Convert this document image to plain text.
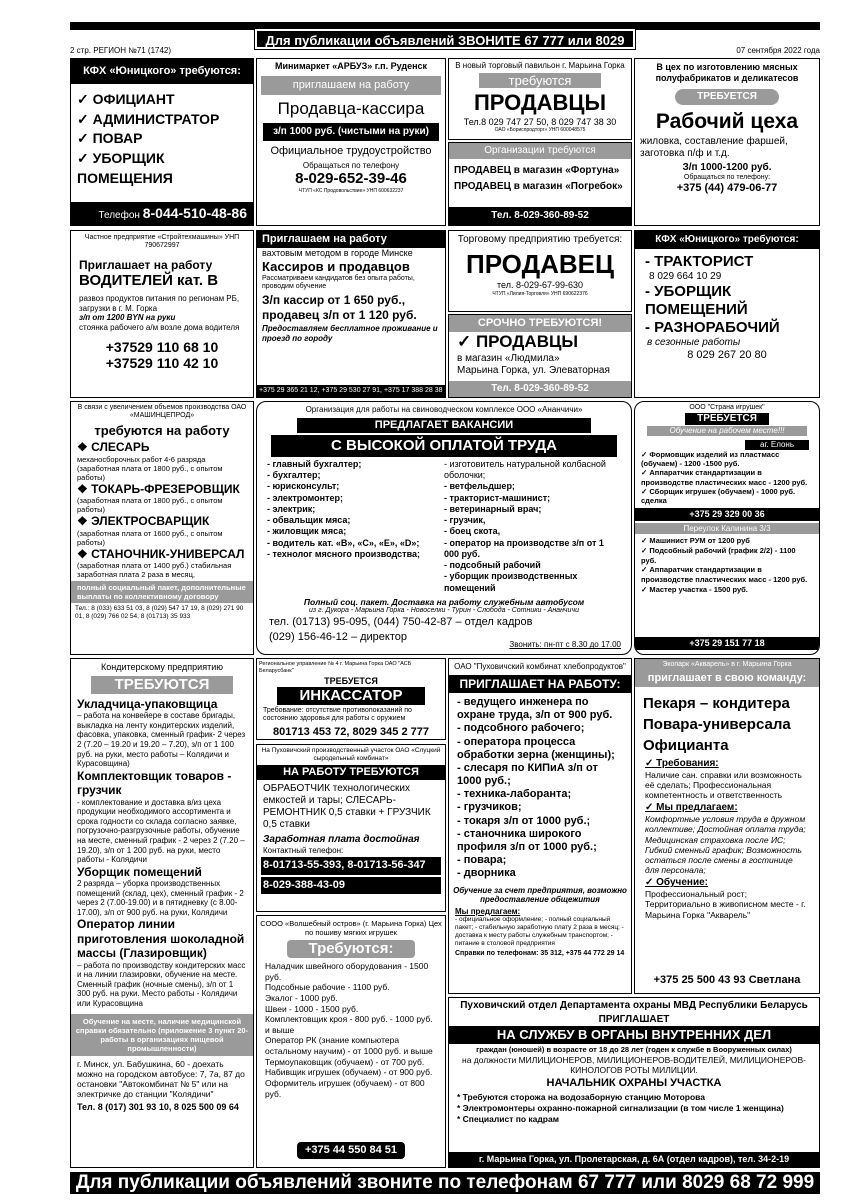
Для публикации объявлений ЗВОНИТЕ 67 777 или 8029 68 72 999
2 стр. РЕГИОН №71 (1742)	07 сентября 2022 года
КФХ «Юницкого» требуются:
✓ ОФИЦИАНТ
✓ АДМИНИСТРАТОР
✓ ПОВАР
✓ УБОРЩИК
ПОМЕЩЕНИЯ
Телефон 8-044-510-48-86
Минимаркет «АРБУЗ» г.п. Руденск
приглашаем на работу
Продавца-кассира
з/п 1000 руб. (чистыми на руки)
Официальное трудоустройство
Обращаться по телефону
8-029-652-39-46
ЧТУП «КС Продовольствие» УНП 600632237
В новый торговый павильон г. Марьина Горка
требуются
ПРОДАВЦЫ
Тел.8 029 747 27 50, 8 029 747 38 30
ОАО «Бориспродторг» УНП 600048575
Организации требуются
ПРОДАВЕЦ в магазин «Фортуна»
ПРОДАВЕЦ в магазин «Погребок»
Тел. 8-029-360-89-52
В цех по изготовлению мясных полуфабрикатов и деликатесов
ТРЕБУЕТСЯ
Рабочий цеха
жиловка, составление фаршей, заготовка п/ф и т.д.
З/п 1000-1200 руб.
Обращаться по телефону:
+375 (44) 479-06-77
Частное предприятие «Стройтехмашины» УНП 790672997
Приглашает на работу
ВОДИТЕЛЕЙ кат. В
развоз продуктов питания по регионам РБ, загрузки в г. М. Горка
з/п от 1200 BYN на руки
стоянка рабочего а/м возле дома водителя
+37529 110 68 10
+37529 110 42 10
Приглашаем на работу
вахтовым методом в городе Минске
Кассиров и продавцов
Рассматриваем кандидатов без опыта работы, проводим обучение
З/п кассир от 1 650 руб.,
продавец з/п от 1 120 руб.
Предоставляем бесплатное проживание и проезд по городу
+375 29 365 21 12, +375 29 530 27 91, +375 17 388 28 38
Торговому предприятию требуется:
ПРОДАВЕЦ
тел. 8-029-67-99-630
ЧТУП «Лилия-Торговля» УНП 690622376
СРОЧНО ТРЕБУЮТСЯ!
✓ ПРОДАВЦЫ
в магазин «Людмила»
Марьина Горка, ул. Элеваторная
Тел. 8-029-360-89-52
КФХ «Юницкого» требуются:
- ТРАКТОРИСТ
8 029 664 10 29
- УБОРЩИК
ПОМЕЩЕНИЙ
- РАЗНОРАБОЧИЙ
в сезонные работы
8 029 267 20 80
В связи с увеличением объемов производства ОАО «МАШИНЦЕПРОД»
требуются на работу
❖ СЛЕСАРЬ
механосборочных работ 4-6 разряда (заработная плата от 1800 руб., с опытом работы)
❖ ТОКАРЬ-ФРЕЗЕРОВЩИК
(заработная плата от 1800 руб., с опытом работы)
❖ ЭЛЕКТРОСВАРЩИК
(заработная плата от 1600 руб., с опытом работы)
❖ СТАНОЧНИК-УНИВЕРСАЛ
(заработная плата от 1400 руб.) стабильная заработная плата 2 раза в месяц,
полный социальный пакет, дополнительные выплаты по коллективному договору
Тел.: 8 (033) 633 51 03, 8 (029) 547 17 19, 8 (029) 271 90 01, 8 (029) 766 02 54, 8 (01713) 35 933
Организация для работы на свиноводческом комплексе ООО «Ананчичи»
ПРЕДЛАГАЕТ ВАКАНСИИ
С ВЫСОКОЙ ОПЛАТОЙ ТРУДА
- главный бухгалтер;
- бухгалтер;
- юрисконсульт;
- электромонтер;
- электрик;
- обвальщик мяса;
- жиловщик мяса;
- водитель кат. «В», «С», «Е», «D»;
- технолог мясного производства;
- изготовитель натуральной колбасной оболочки;
- ветфельдшер;
- тракторист-машинист;
- ветеринарный врач;
- грузчик,
- боец скота,
- оператор на производстве з/п от 1 000 руб.
- подсобный рабочий
- уборщик производственных помещений
Полный соц. пакет. Доставка на работу служебным автобусом
из г. Дукора - Марьина Горка - Новоселки - Турин - Слобода - Сотники - Ананчичи
тел. (01713) 95-095, (044) 750-42-87 – отдел кадров
(029) 156-46-12 – директор
Звонить: пн-пт с 8.30 до 17.00
ООО "Страна игрушек"
ТРЕБУЕТСЯ
Обучение на рабочем месте!!!
аг. Елонь
✓ Формовщик изделий из пластмасс (обучаем) - 1200 -1500 руб.
✓ Аппаратчик стандартизации в производстве пластических масс - 1200 руб.
✓ Сборщик игрушек (обучаем) - 1000 руб. сделка
+375 29 329 00 36
Переулок Калинина 3/3
✓ Машинист РУМ от 1200 руб
✓ Подсобный рабочий (график 2/2) - 1100 руб.
✓ Аппаратчик стандартизации в производстве пластических масс - 1200 руб.
✓ Мастер участка - 1500 руб.
+375 29 151 77 18
Кондитерскому предприятию
ТРЕБУЮТСЯ
Укладчица-упаковщица
– работа на конвейере в составе бригады, выкладка на ленту кондитерских изделий, фасовка, упаковка, сменный график- 2 через 2 (7.20 – 19.20 и 19.20 – 7.20), з/п от 1 100 руб. на руки, место работы – Колядичи и Курасовщина)
Комплектовщик товаров - грузчик
- комплектование и доставка в/из цеха продукции необходимого ассортимента и срока годности со склада согласно заявке, погрузочно-разгрузочные работы, обучение на месте, сменный график - 2 через 2 (7.20 – 19.20), з/п от 1 200 руб. на руки, место работы - Колядичи
Уборщик помещений
2 разряда – уборка производственных помещений (склад, цех), сменный график - 2 через 2 (7.00-19.00) и в пятидневку (с 8.00-17.00), з/п от 900 руб. на руки, Колядичи
Оператор линии приготовления шоколадной массы (Глазировщик)
– работа по производству кондитерских масс и на линии глазировки, обучение на месте. Сменный график (ночные смены), з/п от 1 300 руб. на руки. Место работы - Колядичи или Курасовщина
Обучение на месте, наличие медицинской справки обязательно (приложение 3 пункт 20- работы в организациях пищевой промышленности)
г. Минск, ул. Бабушкина, 60 - доехать можно на городском автобусе: 7, 7а, 87 до остановки "Автокомбинат № 5" или на электричке до станции "Колядичи"
Тел. 8 (017) 301 93 10, 8 025 500 09 64
Региональное управление № 4 г. Марьина Горка ОАО "АСБ Беларусбанк"
ТРЕБУЕТСЯ
ИНКАССАТОР
Требование: отсутствие противопоказаний по состоянию здоровья для работы с оружием
801713 453 72, 8029 345 2 777
На Пуховичский производственный участок ОАО «Слуцкий сыродельный комбинат»
НА РАБОТУ ТРЕБУЮТСЯ
ОБРАБОТЧИК технологических емкостей и тары; СЛЕСАРЬ-РЕМОНТНИК 0,5 ставки + ГРУЗЧИК 0,5 ставки
Заработная плата достойная
Контактный телефон:
8-01713-55-393, 8-01713-56-347
8-029-388-43-09
СООО «Волшебный остров» (г. Марьина Горка) Цех по пошиву мягких игрушек
Требуются:
Наладчик швейного оборудования - 1500 руб.
Подсобные рабочие - 1100 руб.
Экалог - 1000 руб.
Швеи - 1000 - 1500 руб.
Комплектовщик кроя - 800 руб. - 1000 руб. и выше
Оператор РК (знание компьютера остальному научим) - от 1000 руб. и выше
Термоупаковщик (обучаем) - от 700 руб.
Набивщик игрушек (обучаем) - от 900 руб.
Оформитель игрушек (обучаем) - от 800 руб.
+375 44 550 84 51
ОАО "Пуховичский комбинат хлебопродуктов"
ПРИГЛАШАЕТ НА РАБОТУ:
- ведущего инженера по охране труда, з/п от 900 руб.
- подсобного рабочего;
- оператора процесса обработки зерна (женщины);
- слесаря по КИПиА з/п от 1000 руб.;
- техника-лаборанта;
- грузчиков;
- токаря з/п от 1000 руб.;
- станочника широкого профиля з/п от 1000 руб.;
- повара;
- дворника
Обучение за счет предприятия, возможно предоставление общежития
Мы предлагаем:
- официальное оформление; - полный социальный пакет; - стабильную заработную плату 2 раза в месяц; - доставка к месту работы служебным транспортом; - питание в столовой предприятия
Справки по телефонам: 35 312, +375 44 772 29 14
Экопарк «Акварель» в г. Марьина Горка
приглашает в свою команду:
Пекаря – кондитера
Повара-универсала
Официанта
✓ Требования:
Наличие сан. справки или возможность её сделать; Профессиональная компетентность и ответственность
✓ Мы предлагаем:
Комфортные условия труда в дружном коллективе; Достойная оплата труда; Медицинская страховка после ИС; Гибкий сменный график; Возможность остаться после смены в гостинице для персонала;
✓ Обучение:
Профессиональный рост; Территориально в живописном месте - г. Марьина Горка "Акварель"
+375 25 500 43 93 Светлана
Пуховичский отдел Департамента охраны МВД Республики Беларусь
ПРИГЛАШАЕТ
НА СЛУЖБУ В ОРГАНЫ ВНУТРЕННИХ ДЕЛ
граждан (юношей) в возрасте от 18 до 28 лет (годен к службе в Вооруженных силах)
на должности МИЛИЦИОНЕРОВ, МИЛИЦИОНЕРОВ-ВОДИТЕЛЕЙ, МИЛИЦИОНЕРОВ-КИНОЛОГОВ РОТЫ МИЛИЦИИ.
НАЧАЛЬНИК ОХРАНЫ УЧАСТКА
* Требуются сторожа на водозаборную станцию Моторова
* Электромонтеры охранно-пожарной сигнализации (в том числе 1 женщина)
* Специалист по кадрам
г. Марьина Горка, ул. Пролетарская, д. 6А (отдел кадров), тел. 34-2-19
Для публикации объявлений звоните по телефонам 67 777 или 8029 68 72 999
